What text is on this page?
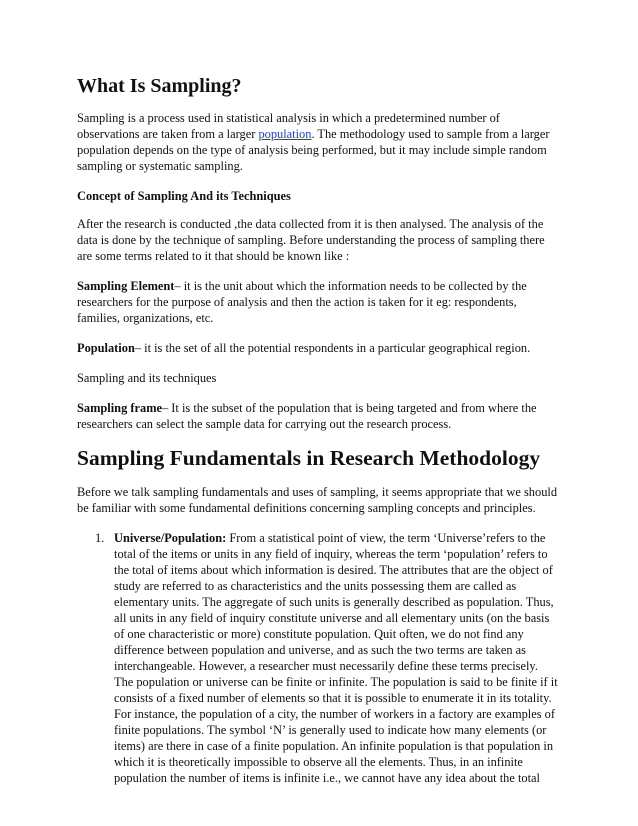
What Is Sampling?

Sampling is a process used in statistical analysis in which a predetermined number of observations are taken from a larger population. The methodology used to sample from a larger population depends on the type of analysis being performed, but it may include simple random sampling or systematic sampling.

Concept of Sampling And its Techniques

After the research is conducted ,the data collected from it is then analysed. The analysis of the data is done by the technique of sampling. Before understanding the process of sampling there are some terms related to it that should be known like :

Sampling Element– it is the unit about which the information needs to be collected by the researchers for the purpose of analysis and then the action is taken for it eg: respondents, families, organizations, etc.

Population– it is the set of all the potential respondents in a particular geographical region.

Sampling and its techniques

Sampling frame– It is the subset of the population that is being targeted and from where the researchers can select the sample data for carrying out the research process.

Sampling Fundamentals in Research Methodology

Before we talk sampling fundamentals and uses of sampling, it seems appropriate that we should be familiar with some fundamental definitions concerning sampling concepts and principles.

1. Universe/Population: From a statistical point of view, the term ‘Universe’refers to the total of the items or units in any field of inquiry, whereas the term ‘population’ refers to the total of items about which information is desired. The attributes that are the object of study are referred to as characteristics and the units possessing them are called as elementary units. The aggregate of such units is generally described as population. Thus, all units in any field of inquiry constitute universe and all elementary units (on the basis of one characteristic or more) constitute population. Quit often, we do not find any difference between population and universe, and as such the two terms are taken as interchangeable. However, a researcher must necessarily define these terms precisely. The population or universe can be finite or infinite. The population is said to be finite if it consists of a fixed number of elements so that it is possible to enumerate it in its totality. For instance, the population of a city, the number of workers in a factory are examples of finite populations. The symbol ‘N’ is generally used to indicate how many elements (or items) are there in case of a finite population. An infinite population is that population in which it is theoretically impossible to observe all the elements. Thus, in an infinite population the number of items is infinite i.e., we cannot have any idea about the total
